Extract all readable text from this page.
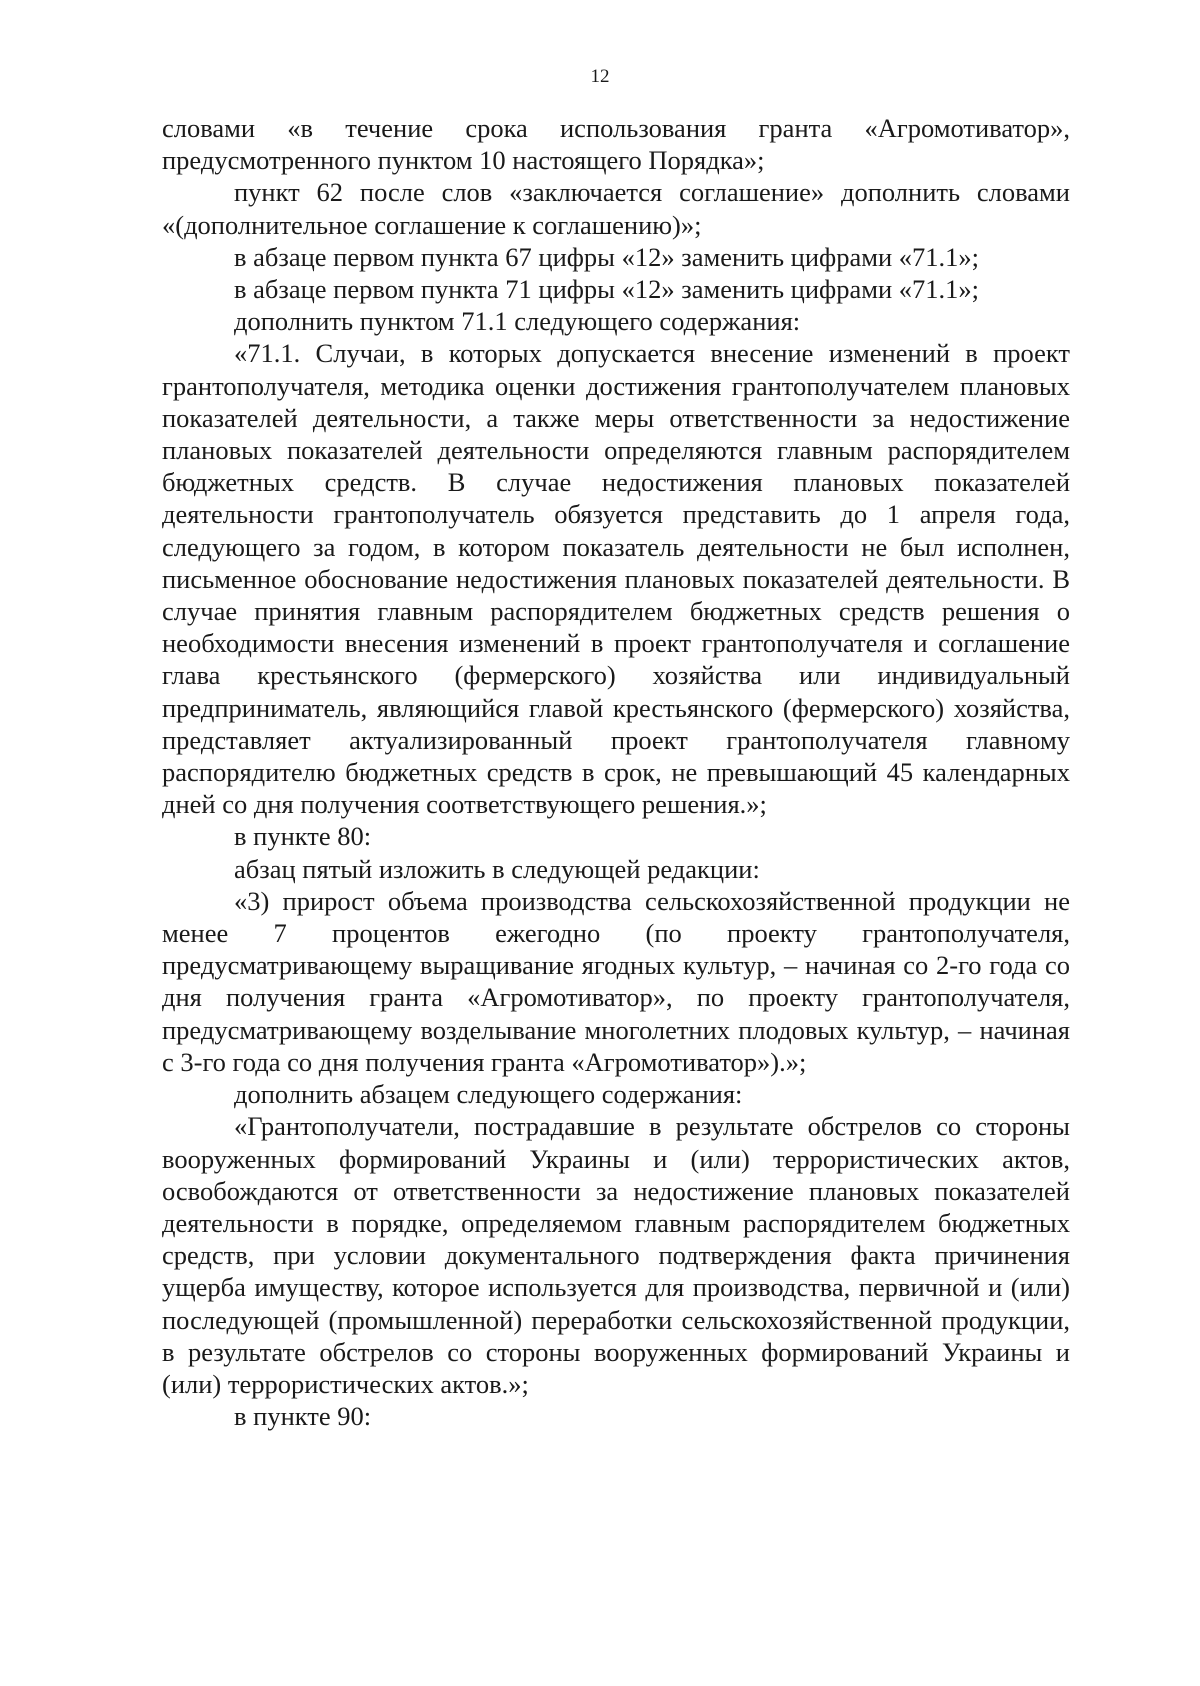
12

словами «в течение срока использования гранта «Агромотиватор», предусмотренного пунктом 10 настоящего Порядка»;

пункт 62 после слов «заключается соглашение» дополнить словами «(дополнительное соглашение к соглашению)»;

в абзаце первом пункта 67 цифры «12» заменить цифрами «71.1»;

в абзаце первом пункта 71 цифры «12» заменить цифрами «71.1»;

дополнить пунктом 71.1 следующего содержания:

«71.1. Случаи, в которых допускается внесение изменений в проект грантополучателя, методика оценки достижения грантополучателем плановых показателей деятельности, а также меры ответственности за недостижение плановых показателей деятельности определяются главным распорядителем бюджетных средств. В случае недостижения плановых показателей деятельности грантополучатель обязуется представить до 1 апреля года, следующего за годом, в котором показатель деятельности не был исполнен, письменное обоснование недостижения плановых показателей деятельности. В случае принятия главным распорядителем бюджетных средств решения о необходимости внесения изменений в проект грантополучателя и соглашение глава крестьянского (фермерского) хозяйства или индивидуальный предприниматель, являющийся главой крестьянского (фермерского) хозяйства, представляет актуализированный проект грантополучателя главному распорядителю бюджетных средств в срок, не превышающий 45 календарных дней со дня получения соответствующего решения.»;

в пункте 80:

абзац пятый изложить в следующей редакции:

«3) прирост объема производства сельскохозяйственной продукции не менее 7 процентов ежегодно (по проекту грантополучателя, предусматривающему выращивание ягодных культур, – начиная со 2-го года со дня получения гранта «Агромотиватор», по проекту грантополучателя, предусматривающему возделывание многолетних плодовых культур, – начиная с 3-го года со дня получения гранта «Агромотиватор»).»;

дополнить абзацем следующего содержания:

«Грантополучатели, пострадавшие в результате обстрелов со стороны вооруженных формирований Украины и (или) террористических актов, освобождаются от ответственности за недостижение плановых показателей деятельности в порядке, определяемом главным распорядителем бюджетных средств, при условии документального подтверждения факта причинения ущерба имуществу, которое используется для производства, первичной и (или) последующей (промышленной) переработки сельскохозяйственной продукции, в результате обстрелов со стороны вооруженных формирований Украины и (или) террористических актов.»;

в пункте 90:
